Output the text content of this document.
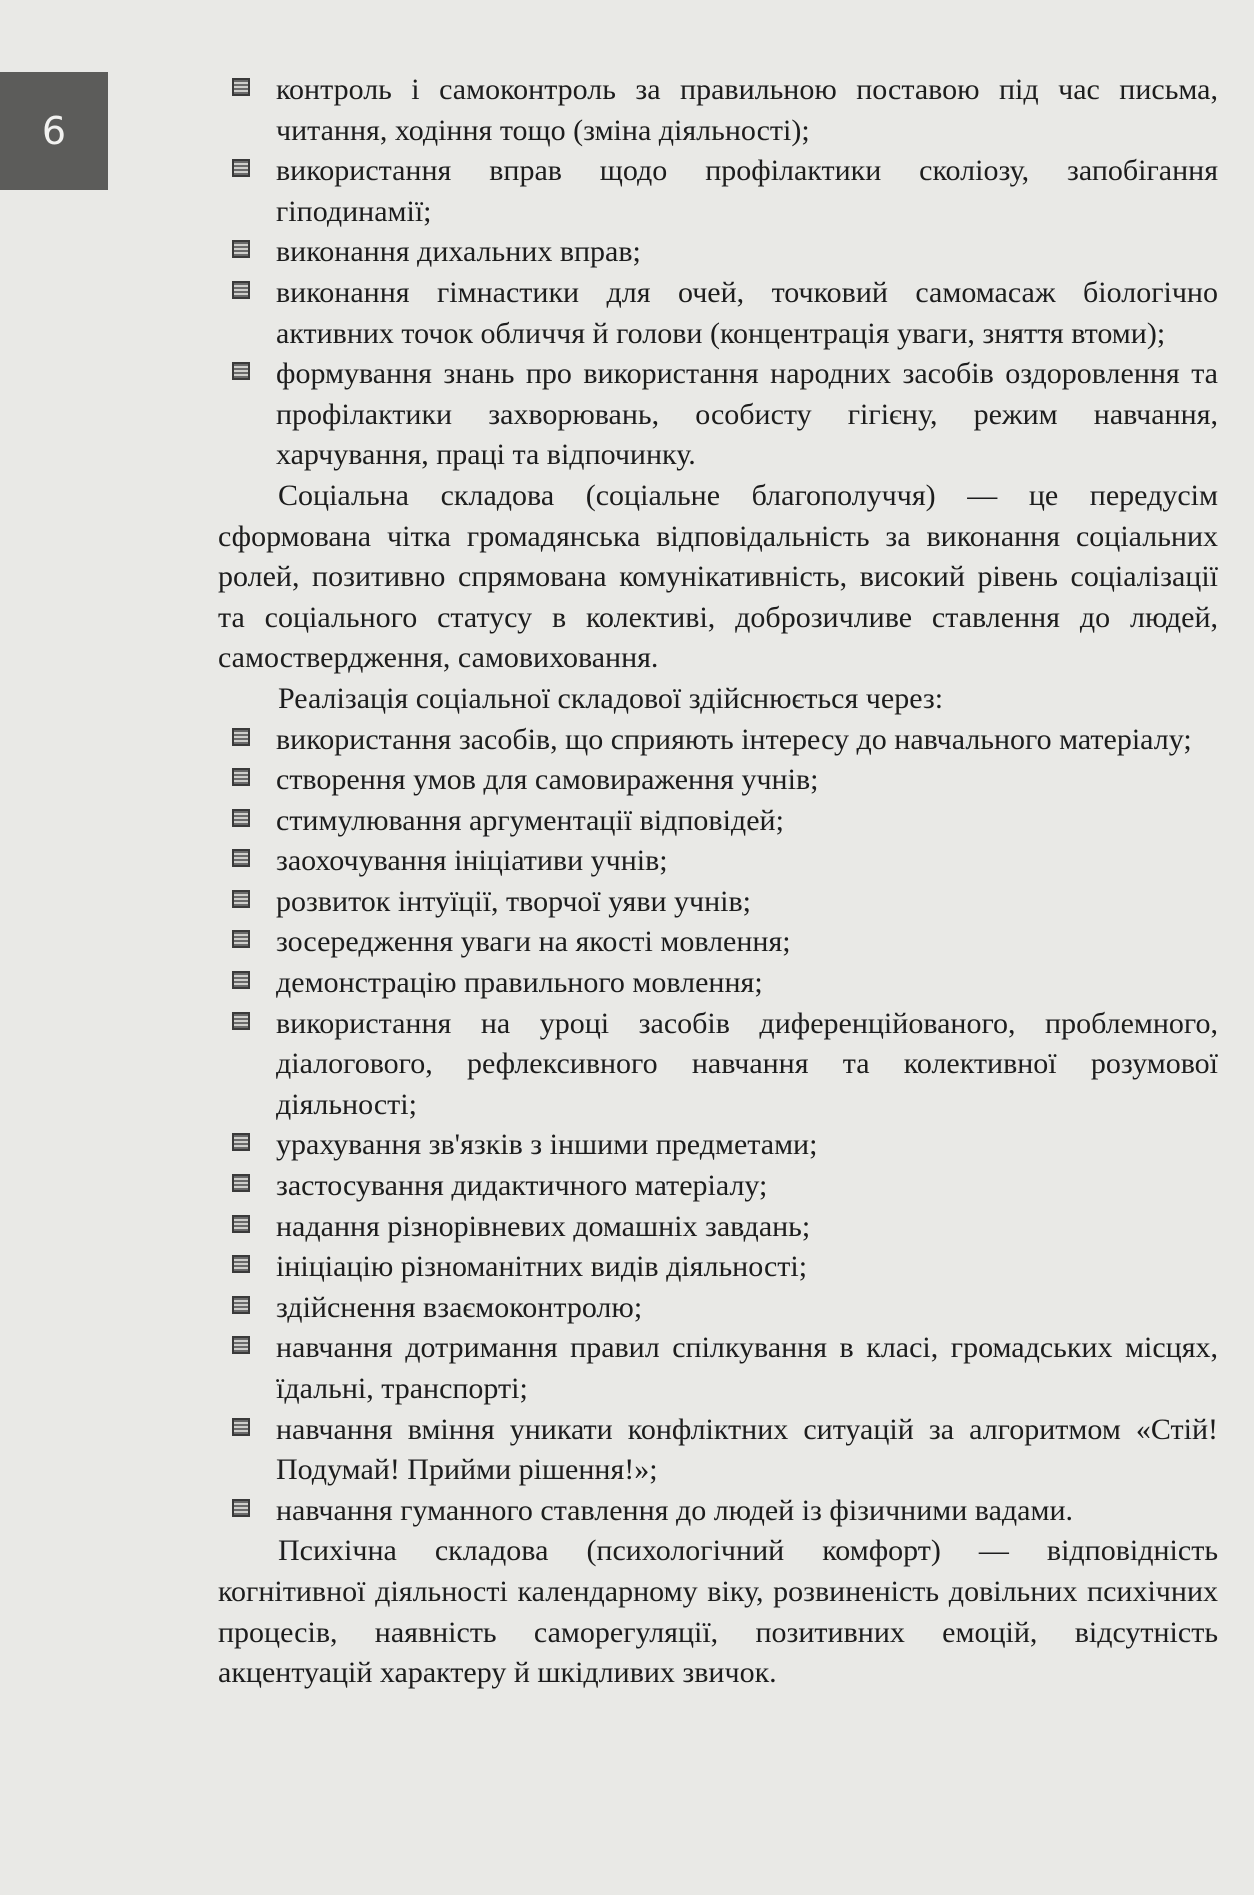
6
контроль і самоконтроль за правильною поставою під час письма, читання, ходіння тощо (зміна діяльності);
використання вправ щодо профілактики сколіозу, запобігання гіподинамії;
виконання дихальних вправ;
виконання гімнастики для очей, точковий самомасаж біологічно активних точок обличчя й голови (концентрація уваги, зняття втоми);
формування знань про використання народних засобів оздоровлення та профілактики захворювань, особисту гігієну, режим навчання, харчування, праці та відпочинку.

Соціальна складова (соціальне благополуччя) — це передусім сформована чітка громадянська відповідальність за виконання соціальних ролей, позитивно спрямована комунікативність, високий рівень соціалізації та соціального статусу в колективі, доброзичливе ставлення до людей, самоствердження, самовиховання.

Реалізація соціальної складової здійснюється через:

використання засобів, що сприяють інтересу до навчального матеріалу;
створення умов для самовираження учнів;
стимулювання аргументації відповідей;
заохочування ініціативи учнів;
розвиток інтуїції, творчої уяви учнів;
зосередження уваги на якості мовлення;
демонстрацію правильного мовлення;
використання на уроці засобів диференційованого, проблемного, діалогового, рефлексивного навчання та колективної розумової діяльності;
урахування зв'язків з іншими предметами;
застосування дидактичного матеріалу;
надання різнорівневих домашніх завдань;
ініціацію різноманітних видів діяльності;
здійснення взаємоконтролю;
навчання дотримання правил спілкування в класі, громадських місцях, їдальні, транспорті;
навчання вміння уникати конфліктних ситуацій за алгоритмом «Стій! Подумай! Прийми рішення!»;
навчання гуманного ставлення до людей із фізичними вадами.

Психічна складова (психологічний комфорт) — відповідність когнітивної діяльності календарному віку, розвиненість довільних психічних процесів, наявність саморегуляції, позитивних емоцій, відсутність акцентуацій характеру й шкідливих звичок.
